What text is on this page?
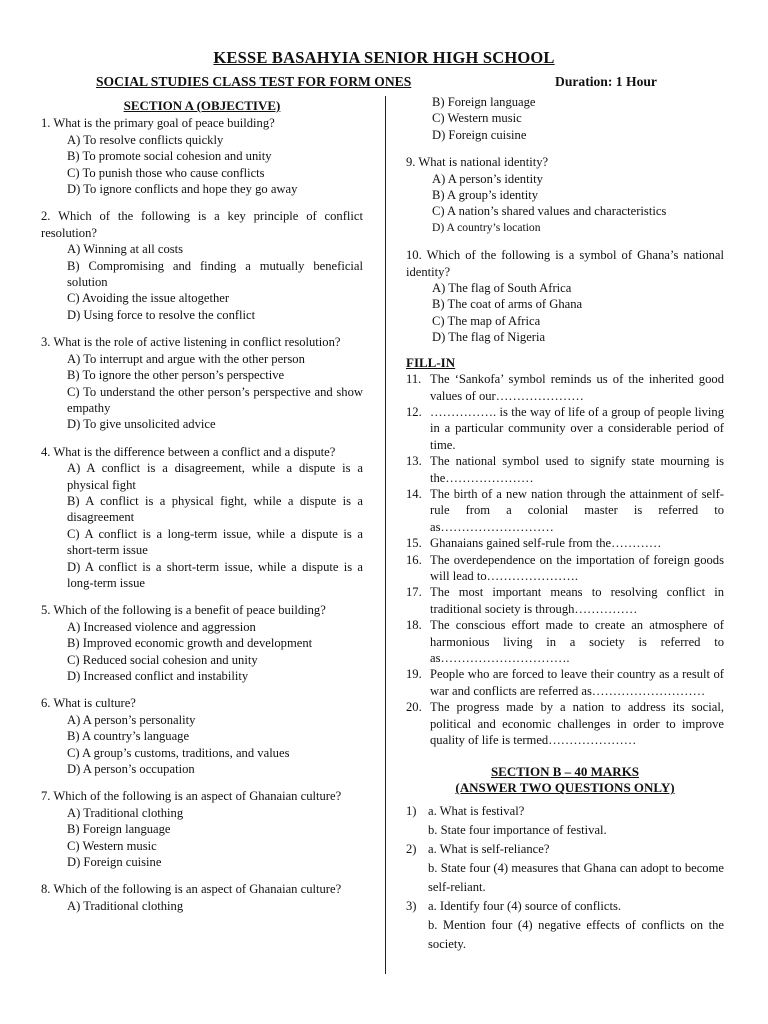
KESSE BASAHYIA SENIOR HIGH SCHOOL
SOCIAL STUDIES CLASS TEST FOR FORM ONES	Duration: 1 Hour
SECTION A (OBJECTIVE)
1. What is the primary goal of peace building?
A) To resolve conflicts quickly
B) To promote social cohesion and unity
C) To punish those who cause conflicts
D) To ignore conflicts and hope they go away
2. Which of the following is a key principle of conflict resolution?
A) Winning at all costs
B) Compromising and finding a mutually beneficial solution
C) Avoiding the issue altogether
D) Using force to resolve the conflict
3. What is the role of active listening in conflict resolution?
A) To interrupt and argue with the other person
B) To ignore the other person’s perspective
C) To understand the other person’s perspective and show empathy
D) To give unsolicited advice
4. What is the difference between a conflict and a dispute?
A) A conflict is a disagreement, while a dispute is a physical fight
B) A conflict is a physical fight, while a dispute is a disagreement
C) A conflict is a long-term issue, while a dispute is a short-term issue
D) A conflict is a short-term issue, while a dispute is a long-term issue
5. Which of the following is a benefit of peace building?
A) Increased violence and aggression
B) Improved economic growth and development
C) Reduced social cohesion and unity
D) Increased conflict and instability
6. What is culture?
A) A person’s personality
B) A country’s language
C) A group’s customs, traditions, and values
D) A person’s occupation
7. Which of the following is an aspect of Ghanaian culture?
A) Traditional clothing
B) Foreign language
C) Western music
D) Foreign cuisine
8. Which of the following is an aspect of Ghanaian culture?
A) Traditional clothing
B) Foreign language
C) Western music
D) Foreign cuisine
9. What is national identity?
A) A person’s identity
B) A group’s identity
C) A nation’s shared values and characteristics
D) A country’s location
10. Which of the following is a symbol of Ghana’s national identity?
A) The flag of South Africa
B) The coat of arms of Ghana
C) The map of Africa
D) The flag of Nigeria
FILL-IN
11. The ‘Sankofa’ symbol reminds us of the inherited good values of our…………………
12. ……………. is the way of life of a group of people living in a particular community over a considerable period of time.
13. The national symbol used to signify state mourning is the…………………
14. The birth of a new nation through the attainment of self-rule from a colonial master is referred to as………………………
15. Ghanaians gained self-rule from the…………
16. The overdependence on the importation of foreign goods will lead to………………….
17. The most important means to resolving conflict in traditional society is through……………
18. The conscious effort made to create an atmosphere of harmonious living in a society is referred to as………………………….
19. People who are forced to leave their country as a result of war and conflicts are referred as………………………
20. The progress made by a nation to address its social, political and economic challenges in order to improve quality of life is termed…………………
SECTION B – 40 MARKS
(ANSWER TWO QUESTIONS ONLY)
1) a. What is festival?
b. State four importance of festival.
2) a. What is self-reliance?
b. State four (4) measures that Ghana can adopt to become self-reliant.
3) a. Identify four (4) source of conflicts.
b. Mention four (4) negative effects of conflicts on the society.
